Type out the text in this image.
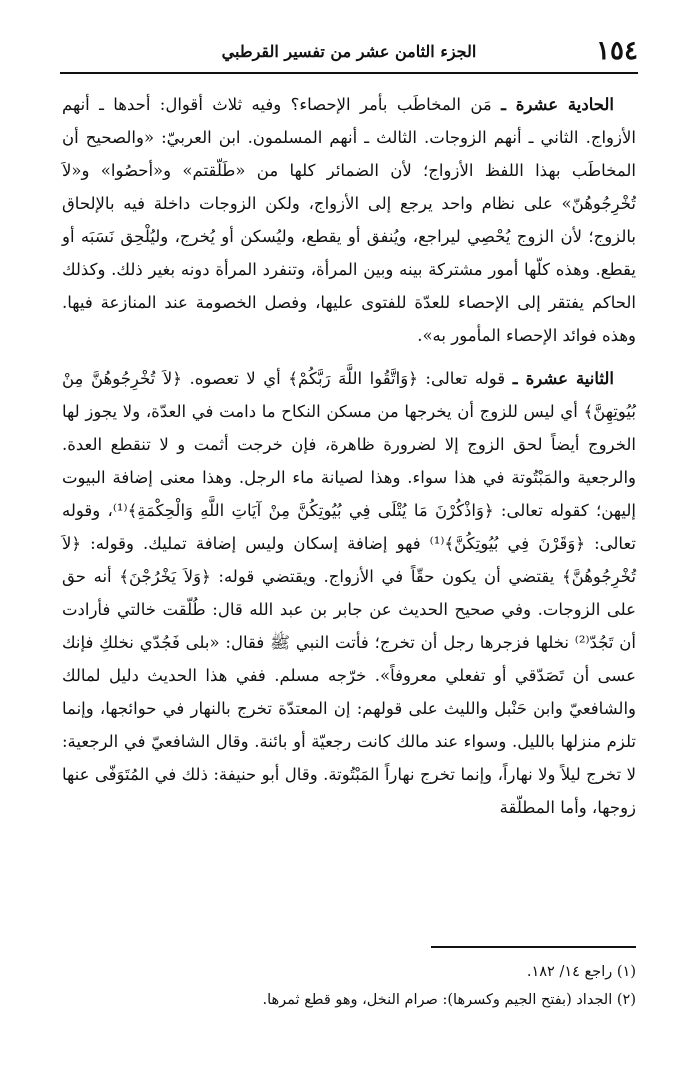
١٥٤
الجزء الثامن عشر من تفسير القرطبي

الحادية عشرة ـ مَن المخاطَب بأمر الإحصاء؟ وفيه ثلاث أقوال: أحدها ـ أنهم الأزواج. الثاني ـ أنهم الزوجات. الثالث ـ أنهم المسلمون. ابن العربيّ: «والصحيح أن المخاطَب بهذا اللفظ الأزواج؛ لأن الضمائر كلها من «طَلّقتم» و«أحصُوا» و«لاَ تُخْرِجُوهُنّ» على نظام واحد يرجع إلى الأزواج، ولكن الزوجات داخلة فيه بالإلحاق بالزوج؛ لأن الزوج يُحْصِي ليراجع، ويُنفق أو يقطع، وليُسكن أو يُخرج، وليُلْحِق نَسَبَه أو يقطع. وهذه كلّها أمور مشتركة بينه وبين المرأة، وتنفرد المرأة دونه بغير ذلك. وكذلك الحاكم يفتقر إلى الإحصاء للعدّة للفتوى عليها، وفصل الخصومة عند المنازعة فيها. وهذه فوائد الإحصاء المأمور به».

الثانية عشرة ـ قوله تعالى: ﴿وَاتَّقُوا اللَّهَ رَبَّكُمْ﴾ أي لا تعصوه. ﴿لاَ تُخْرِجُوهُنَّ مِنْ بُيُوتِهِنَّ﴾ أي ليس للزوج أن يخرجها من مسكن النكاح ما دامت في العدّة، ولا يجوز لها الخروج أيضاً لحق الزوج إلا لضرورة ظاهرة، فإن خرجت أثمت و لا تنقطع العدة. والرجعية والمَبْتُوتة في هذا سواء. وهذا لصيانة ماء الرجل. وهذا معنى إضافة البيوت إليهن؛ كقوله تعالى: ﴿وَاذْكُرْنَ مَا يُتْلَى فِي بُيُوتِكُنَّ مِنْ آيَاتِ اللَّهِ وَالْحِكْمَةِ﴾⁽¹⁾، وقوله تعالى: ﴿وَقَرْنَ فِي بُيُوتِكُنَّ﴾⁽¹⁾ فهو إضافة إسكان وليس إضافة تمليك. وقوله: ﴿لاَ تُخْرِجُوهُنَّ﴾ يقتضي أن يكون حقّاً في الأزواج. ويقتضي قوله: ﴿وَلاَ يَخْرُجْنَ﴾ أنه حق على الزوجات. وفي صحيح الحديث عن جابر بن عبد الله قال: طُلّقت خالتي فأرادت أن تَجُدّ⁽²⁾ نخلها فزجرها رجل أن تخرج؛ فأتت النبي ﷺ فقال: «بلى فَجُدّي نخلكِ فإنك عسى أن تَصَدّقي أو تفعلي معروفاً». خرّجه مسلم. ففي هذا الحديث دليل لمالك والشافعيّ وابن حَنْبل والليث على قولهم: إن المعتدّة تخرج بالنهار في حوائجها، وإنما تلزم منزلها بالليل. وسواء عند مالك كانت رجعيّة أو بائنة. وقال الشافعيّ في الرجعية: لا تخرج ليلاً ولا نهاراً، وإنما تخرج نهاراً المَبْتُوتة. وقال أبو حنيفة: ذلك في المُتَوَفّى عنها زوجها، وأما المطلّقة

(١) راجع ١٤/ ١٨٢.

(٢) الجداد (بفتح الجيم وكسرها): صرام النخل، وهو قطع ثمرها.
